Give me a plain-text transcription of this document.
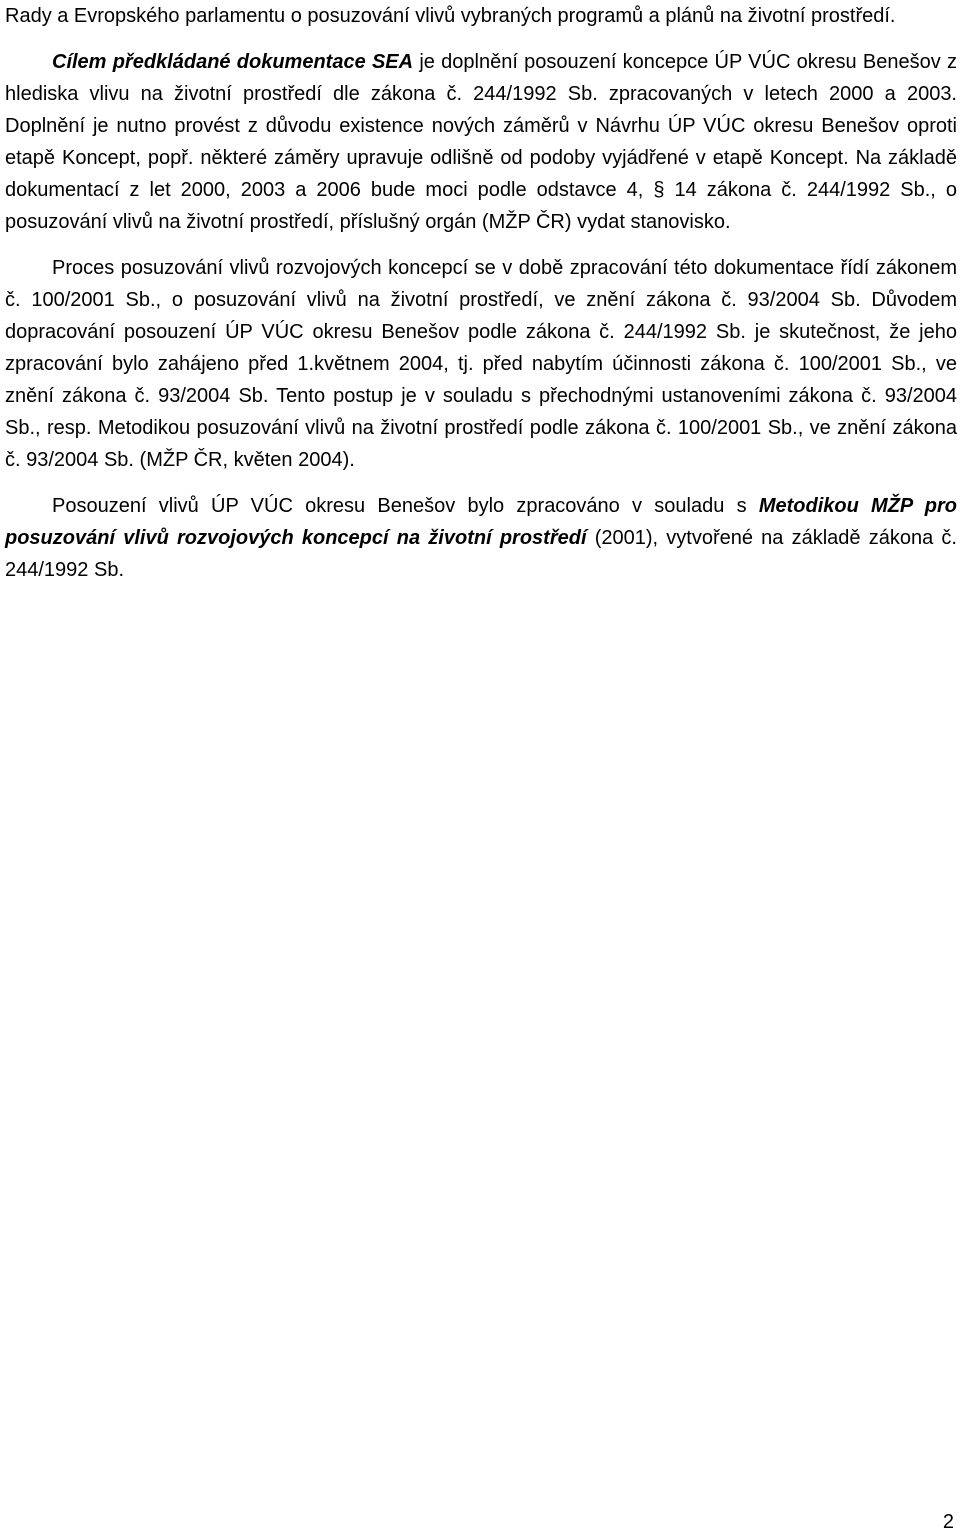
Rady a Evropského parlamentu o posuzování vlivů vybraných programů a plánů na životní prostředí.

Cílem předkládané dokumentace SEA je doplnění posouzení koncepce ÚP VÚC okresu Benešov z hlediska vlivu na životní prostředí dle zákona č. 244/1992 Sb. zpracovaných v letech 2000 a 2003. Doplnění je nutno provést z důvodu existence nových záměrů v Návrhu ÚP VÚC okresu Benešov oproti etapě Koncept, popř. některé záměry upravuje odlišně od podoby vyjádřené v etapě Koncept. Na základě dokumentací z let 2000, 2003 a 2006 bude moci podle odstavce 4, § 14 zákona č. 244/1992 Sb., o posuzování vlivů na životní prostředí, příslušný orgán (MŽP ČR) vydat stanovisko.

Proces posuzování vlivů rozvojových koncepcí se v době zpracování této dokumentace řídí zákonem č. 100/2001 Sb., o posuzování vlivů na životní prostředí, ve znění zákona č. 93/2004 Sb. Důvodem dopracování posouzení ÚP VÚC okresu Benešov podle zákona č. 244/1992 Sb. je skutečnost, že jeho zpracování bylo zahájeno před 1.květnem 2004, tj. před nabytím účinnosti zákona č. 100/2001 Sb., ve znění zákona č. 93/2004 Sb. Tento postup je v souladu s přechodnými ustanoveními zákona č. 93/2004 Sb., resp. Metodikou posuzování vlivů na životní prostředí podle zákona č. 100/2001 Sb., ve znění zákona č. 93/2004 Sb. (MŽP ČR, květen 2004).

Posouzení vlivů ÚP VÚC okresu Benešov bylo zpracováno v souladu s Metodikou MŽP pro posuzování vlivů rozvojových koncepcí na životní prostředí (2001), vytvořené na základě zákona č. 244/1992 Sb.

2
